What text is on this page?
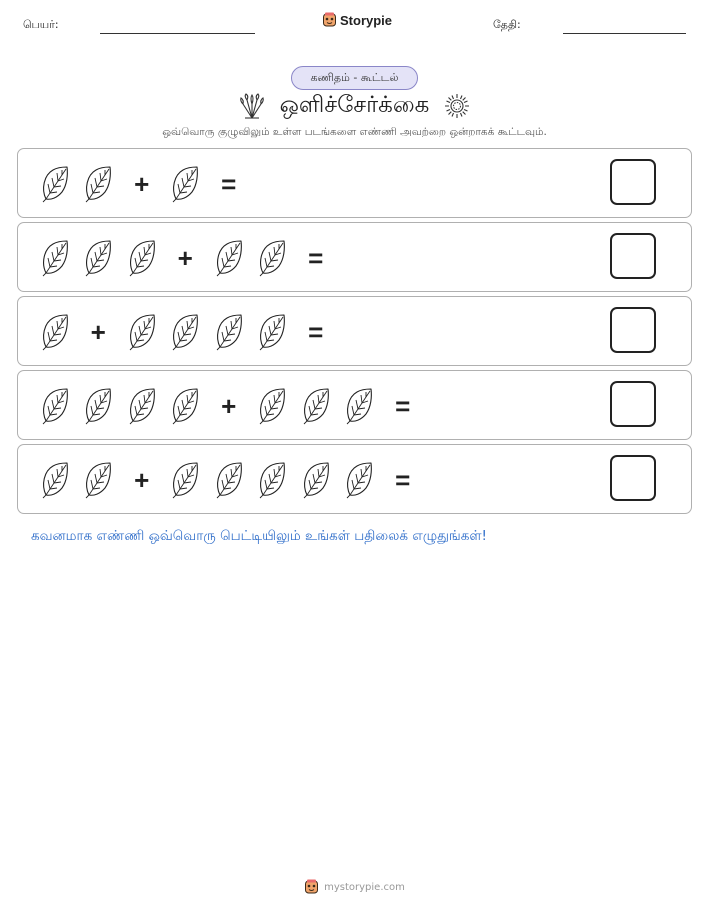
பெயர்:	Storypie	தேதி:
கணிதம் - கூட்டல்
ஒளிச்சேர்க்கை
ஒவ்வொரு குழுவிலும் உள்ள படங்களை எண்ணி அவற்றை ஒன்றாகக் கூட்டவும்.
+	=
+	=
+	=
+	=
+	=
கவனமாக எண்ணி ஒவ்வொரு பெட்டியிலும் உங்கள் பதிலைக் எழுதுங்கள்!
mystorypie.com
